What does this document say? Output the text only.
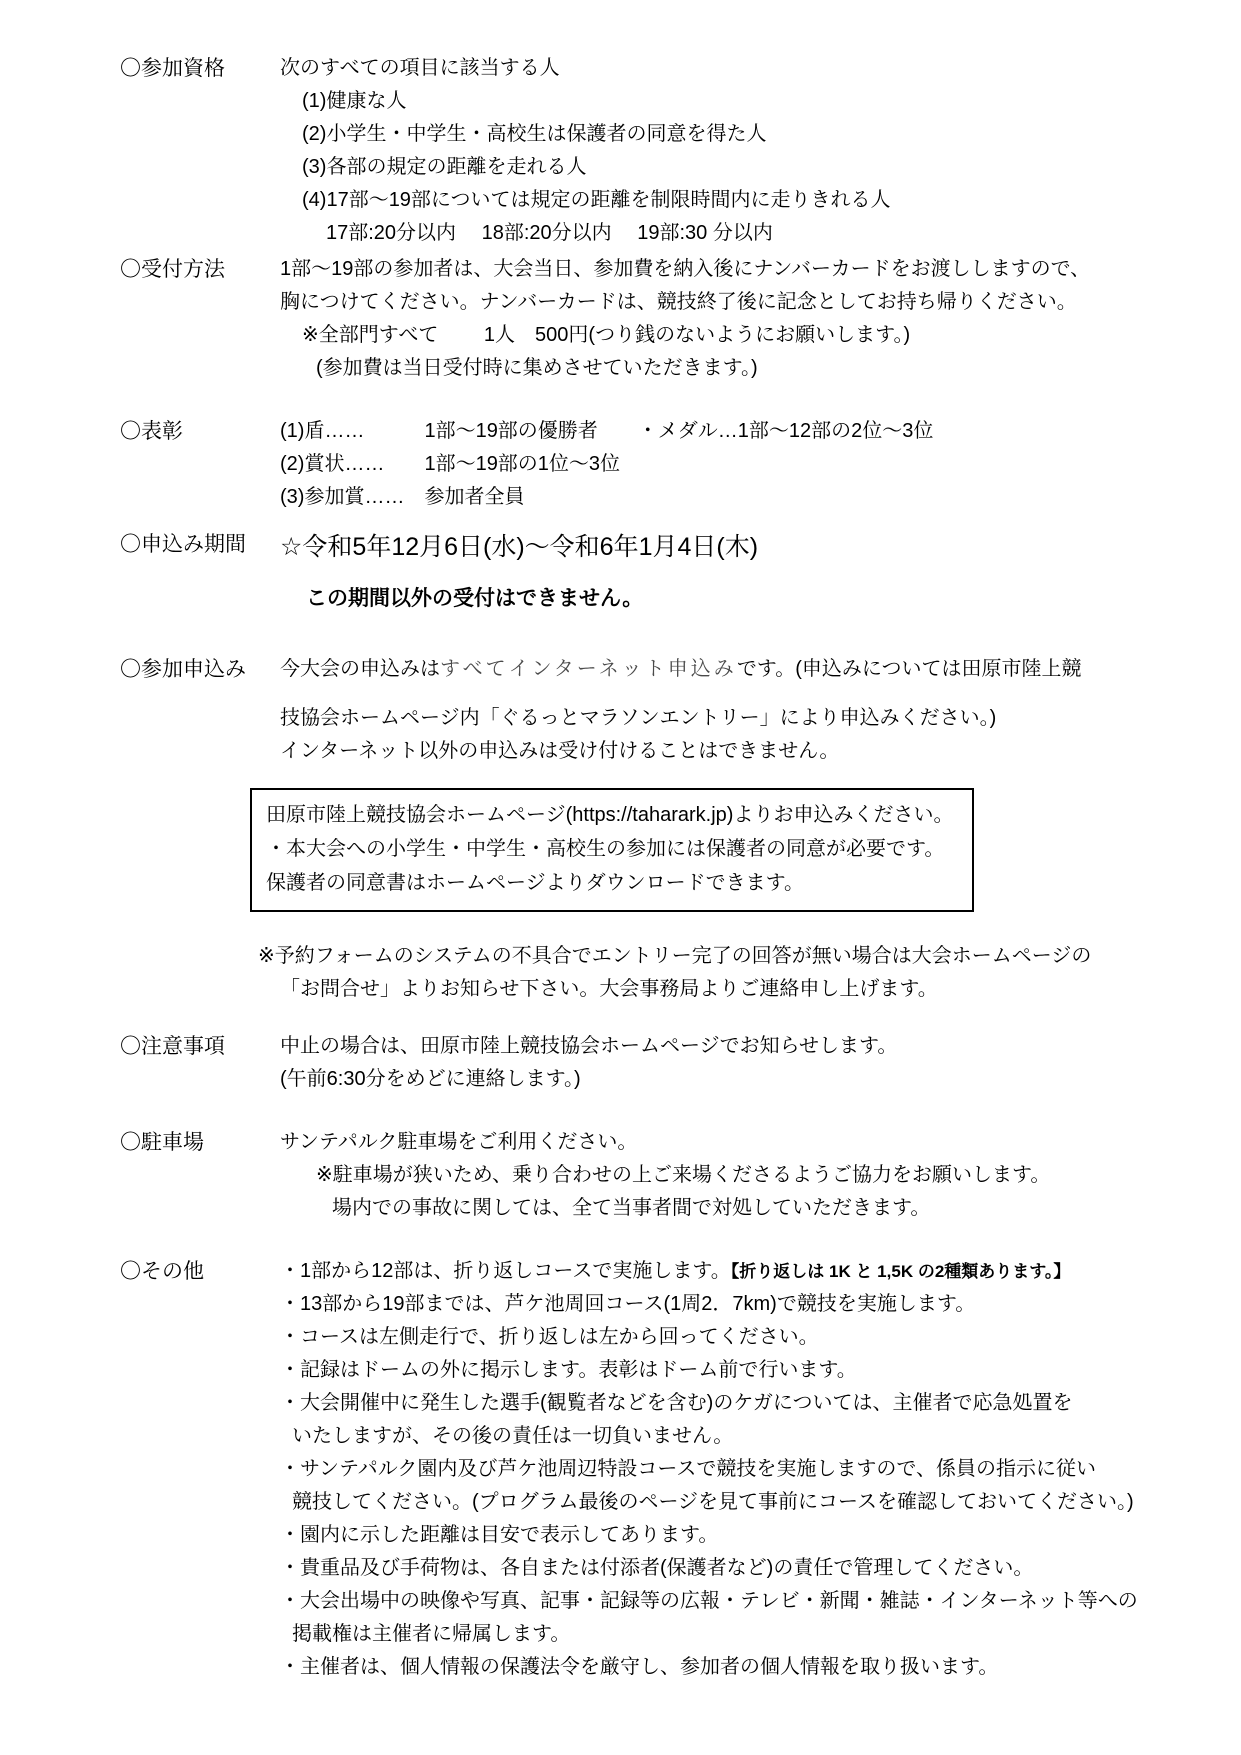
〇参加資格	次のすべての項目に該当する人
(1)健康な人
(2)小学生・中学生・高校生は保護者の同意を得た人
(3)各部の規定の距離を走れる人
(4)17部～19部については規定の距離を制限時間内に走りきれる人
17部:20分以内　 18部:20分以内　 19部:30 分以内
〇受付方法	1部～19部の参加者は、大会当日、参加費を納入後にナンバーカードをお渡ししますので、
胸につけてください。ナンバーカードは、競技終了後に記念としてお持ち帰りください。
※全部門すべて　　 1人　500円(つり銭のないようにお願いします。)
(参加費は当日受付時に集めさせていただきます。)
〇表彰	(1)盾……　　　1部～19部の優勝者　　・メダル…1部～12部の2位～3位
(2)賞状……　　1部～19部の1位～3位
(3)参加賞……　参加者全員
〇申込み期間	☆令和5年12月6日(水)～令和6年1月4日(木)
この期間以外の受付はできません。
〇参加申込み	今大会の申込みはすべてインターネット申込みです。(申込みについては田原市陸上競
技協会ホームページ内「ぐるっとマラソンエントリー」により申込みください。)
インターネット以外の申込みは受け付けることはできません。
田原市陸上競技協会ホームページ(https://taharark.jp)よりお申込みください。
・本大会への小学生・中学生・高校生の参加には保護者の同意が必要です。
保護者の同意書はホームページよりダウンロードできます。
※予約フォームのシステムの不具合でエントリー完了の回答が無い場合は大会ホームページの
「お問合せ」よりお知らせ下さい。大会事務局よりご連絡申し上げます。
〇注意事項	中止の場合は、田原市陸上競技協会ホームページでお知らせします。
(午前6:30分をめどに連絡します。)
〇駐車場	サンテパルク駐車場をご利用ください。
※駐車場が狭いため、乗り合わせの上ご来場くださるようご協力をお願いします。
場内での事故に関しては、全て当事者間で対処していただきます。
〇その他	・1部から12部は、折り返しコースで実施します。【折り返しは 1K と 1,5K の2種類あります。】
・13部から19部までは、芦ケ池周回コース(1周2．7km)で競技を実施します。
・コースは左側走行で、折り返しは左から回ってください。
・記録はドームの外に掲示します。表彰はドーム前で行います。
・大会開催中に発生した選手(観覧者などを含む)のケガについては、主催者で応急処置を
いたしますが、その後の責任は一切負いません。
・サンテパルク園内及び芦ケ池周辺特設コースで競技を実施しますので、係員の指示に従い
競技してください。(プログラム最後のページを見て事前にコースを確認しておいてください。)
・園内に示した距離は目安で表示してあります。
・貴重品及び手荷物は、各自または付添者(保護者など)の責任で管理してください。
・大会出場中の映像や写真、記事・記録等の広報・テレビ・新聞・雑誌・インターネット等への
掲載権は主催者に帰属します。
・主催者は、個人情報の保護法令を厳守し、参加者の個人情報を取り扱います。
